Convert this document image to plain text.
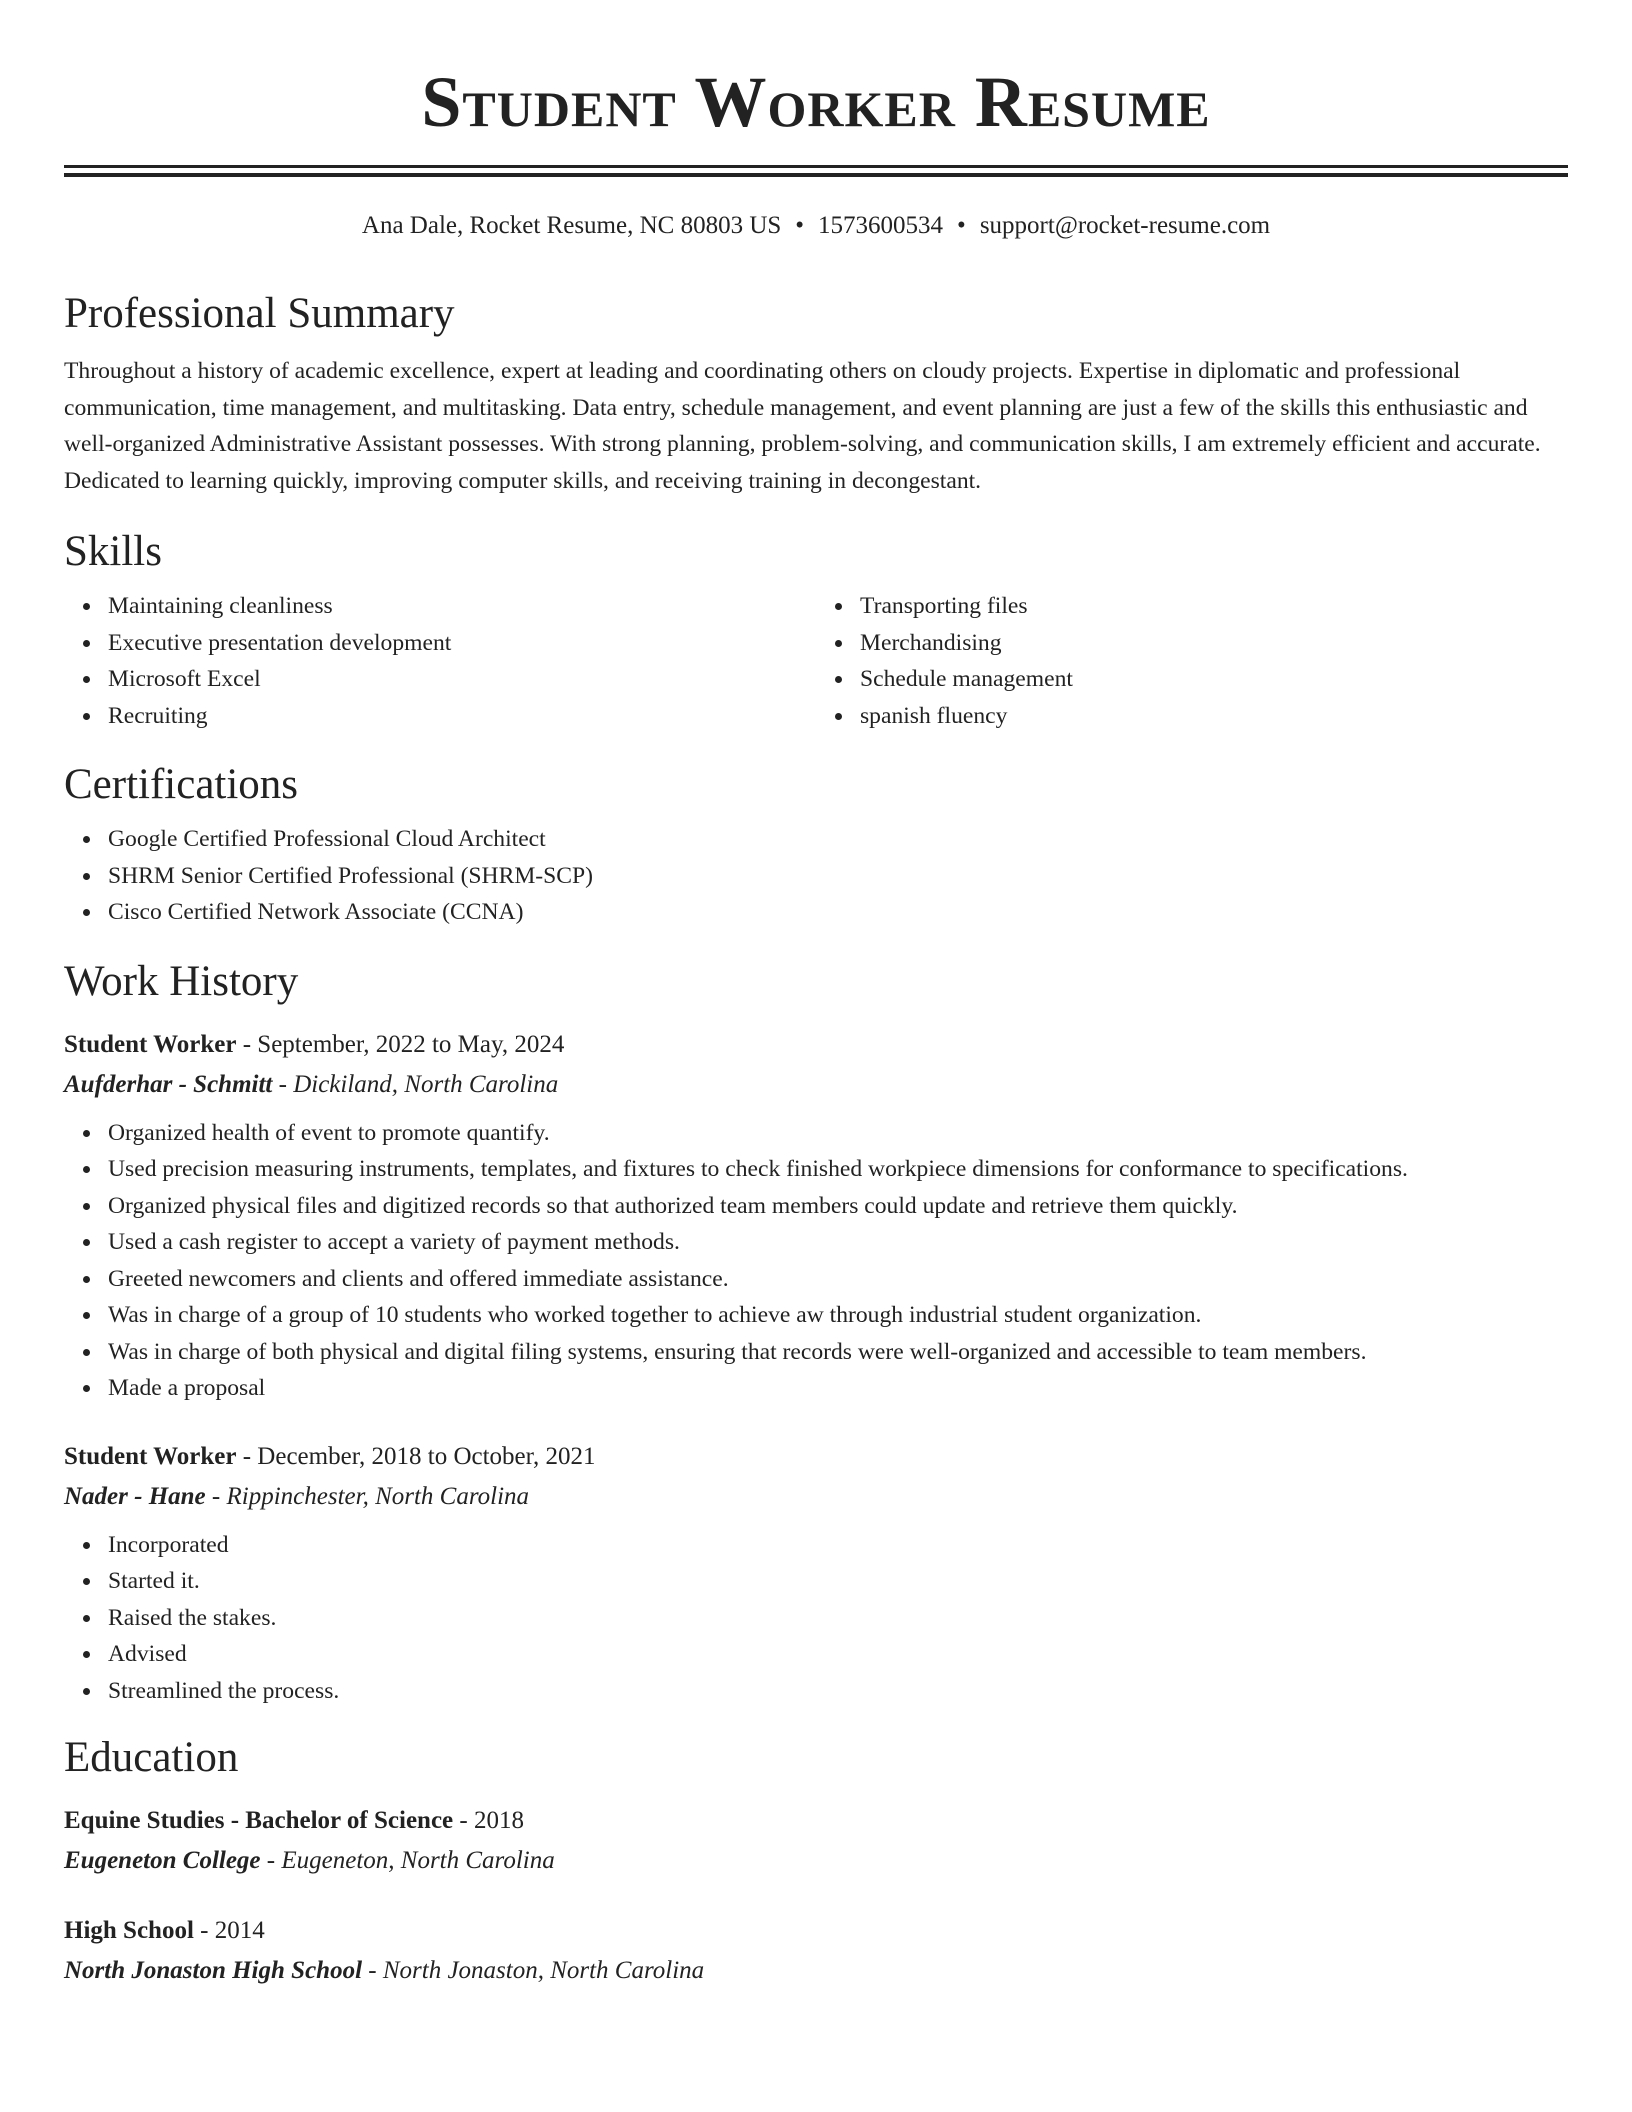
Student Worker Resume
Ana Dale, Rocket Resume, NC 80803 US • 1573600534 • support@rocket-resume.com
Professional Summary
Throughout a history of academic excellence, expert at leading and coordinating others on cloudy projects. Expertise in diplomatic and professional communication, time management, and multitasking. Data entry, schedule management, and event planning are just a few of the skills this enthusiastic and well-organized Administrative Assistant possesses. With strong planning, problem-solving, and communication skills, I am extremely efficient and accurate. Dedicated to learning quickly, improving computer skills, and receiving training in decongestant.
Skills
Maintaining cleanliness
Executive presentation development
Microsoft Excel
Recruiting
Transporting files
Merchandising
Schedule management
spanish fluency
Certifications
Google Certified Professional Cloud Architect
SHRM Senior Certified Professional (SHRM-SCP)
Cisco Certified Network Associate (CCNA)
Work History
Student Worker - September, 2022 to May, 2024
Aufderhar - Schmitt - Dickiland, North Carolina
Organized health of event to promote quantify.
Used precision measuring instruments, templates, and fixtures to check finished workpiece dimensions for conformance to specifications.
Organized physical files and digitized records so that authorized team members could update and retrieve them quickly.
Used a cash register to accept a variety of payment methods.
Greeted newcomers and clients and offered immediate assistance.
Was in charge of a group of 10 students who worked together to achieve aw through industrial student organization.
Was in charge of both physical and digital filing systems, ensuring that records were well-organized and accessible to team members.
Made a proposal
Student Worker - December, 2018 to October, 2021
Nader - Hane - Rippinchester, North Carolina
Incorporated
Started it.
Raised the stakes.
Advised
Streamlined the process.
Education
Equine Studies - Bachelor of Science - 2018
Eugeneton College - Eugeneton, North Carolina
High School - 2014
North Jonaston High School - North Jonaston, North Carolina
